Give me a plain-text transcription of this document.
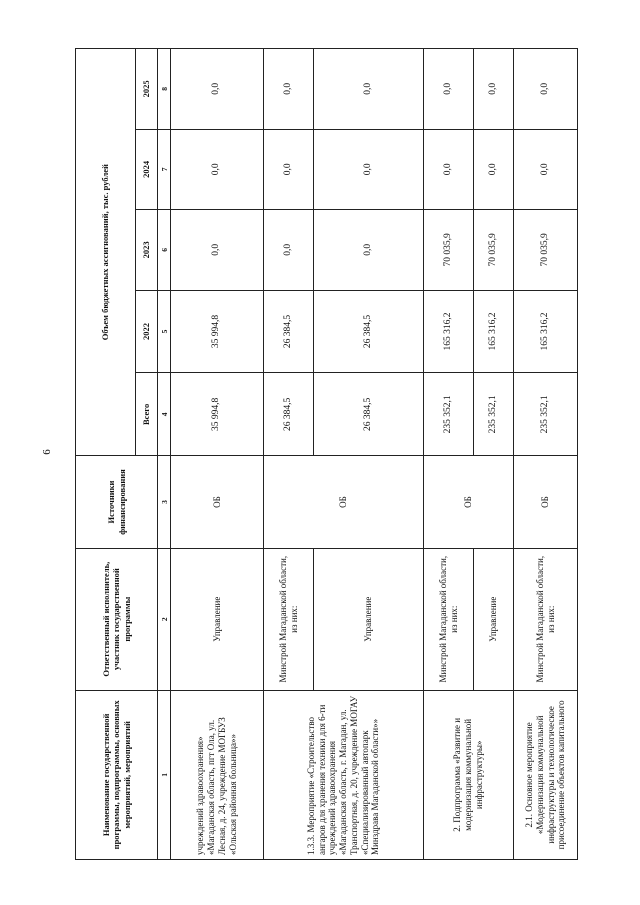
6
Наименование государственной программы, подпрограммы, основных мероприятий, мероприятий	Ответственный исполнитель, участник государственной программы	Источники финансирования	Объем бюджетных ассигнований, тыс. рублей				
			Всего	2022	2023	2024	2025
1	2	3	4	5	6	7	8
учреждений здравоохранения» «Магаданская область, пгт Ола, ул. Лесная, д. 24, учреждение МОГБУЗ «Ольская районная больница»»	Управление	ОБ	35 994,8	35 994,8	0,0	0,0	0,0
1.3.3. Мероприятие «Строительство ангаров для хранения техники для 6-ти учреждений здравоохранения «Магаданская область, г. Магадан, ул. Транспортная, д. 20, учреждение МОГАУ «Специализированный автопарк Минздрава Магаданской области»»	Минстрой Магаданской области, из них:	ОБ	26 384,5	26 384,5	0,0	0,0	0,0
	Управление		26 384,5	26 384,5	0,0	0,0	0,0
2. Подпрограмма «Развитие и модернизация коммунальной инфраструктуры»	Минстрой Магаданской области, из них:	ОБ	235 352,1	165 316,2	70 035,9	0,0	0,0
	Управление		235 352,1	165 316,2	70 035,9	0,0	0,0
2.1. Основное мероприятие «Модернизация коммунальной инфраструктуры и технологическое присоединение объектов капитального	Минстрой Магаданской области, из них:	ОБ	235 352,1	165 316,2	70 035,9	0,0	0,0
